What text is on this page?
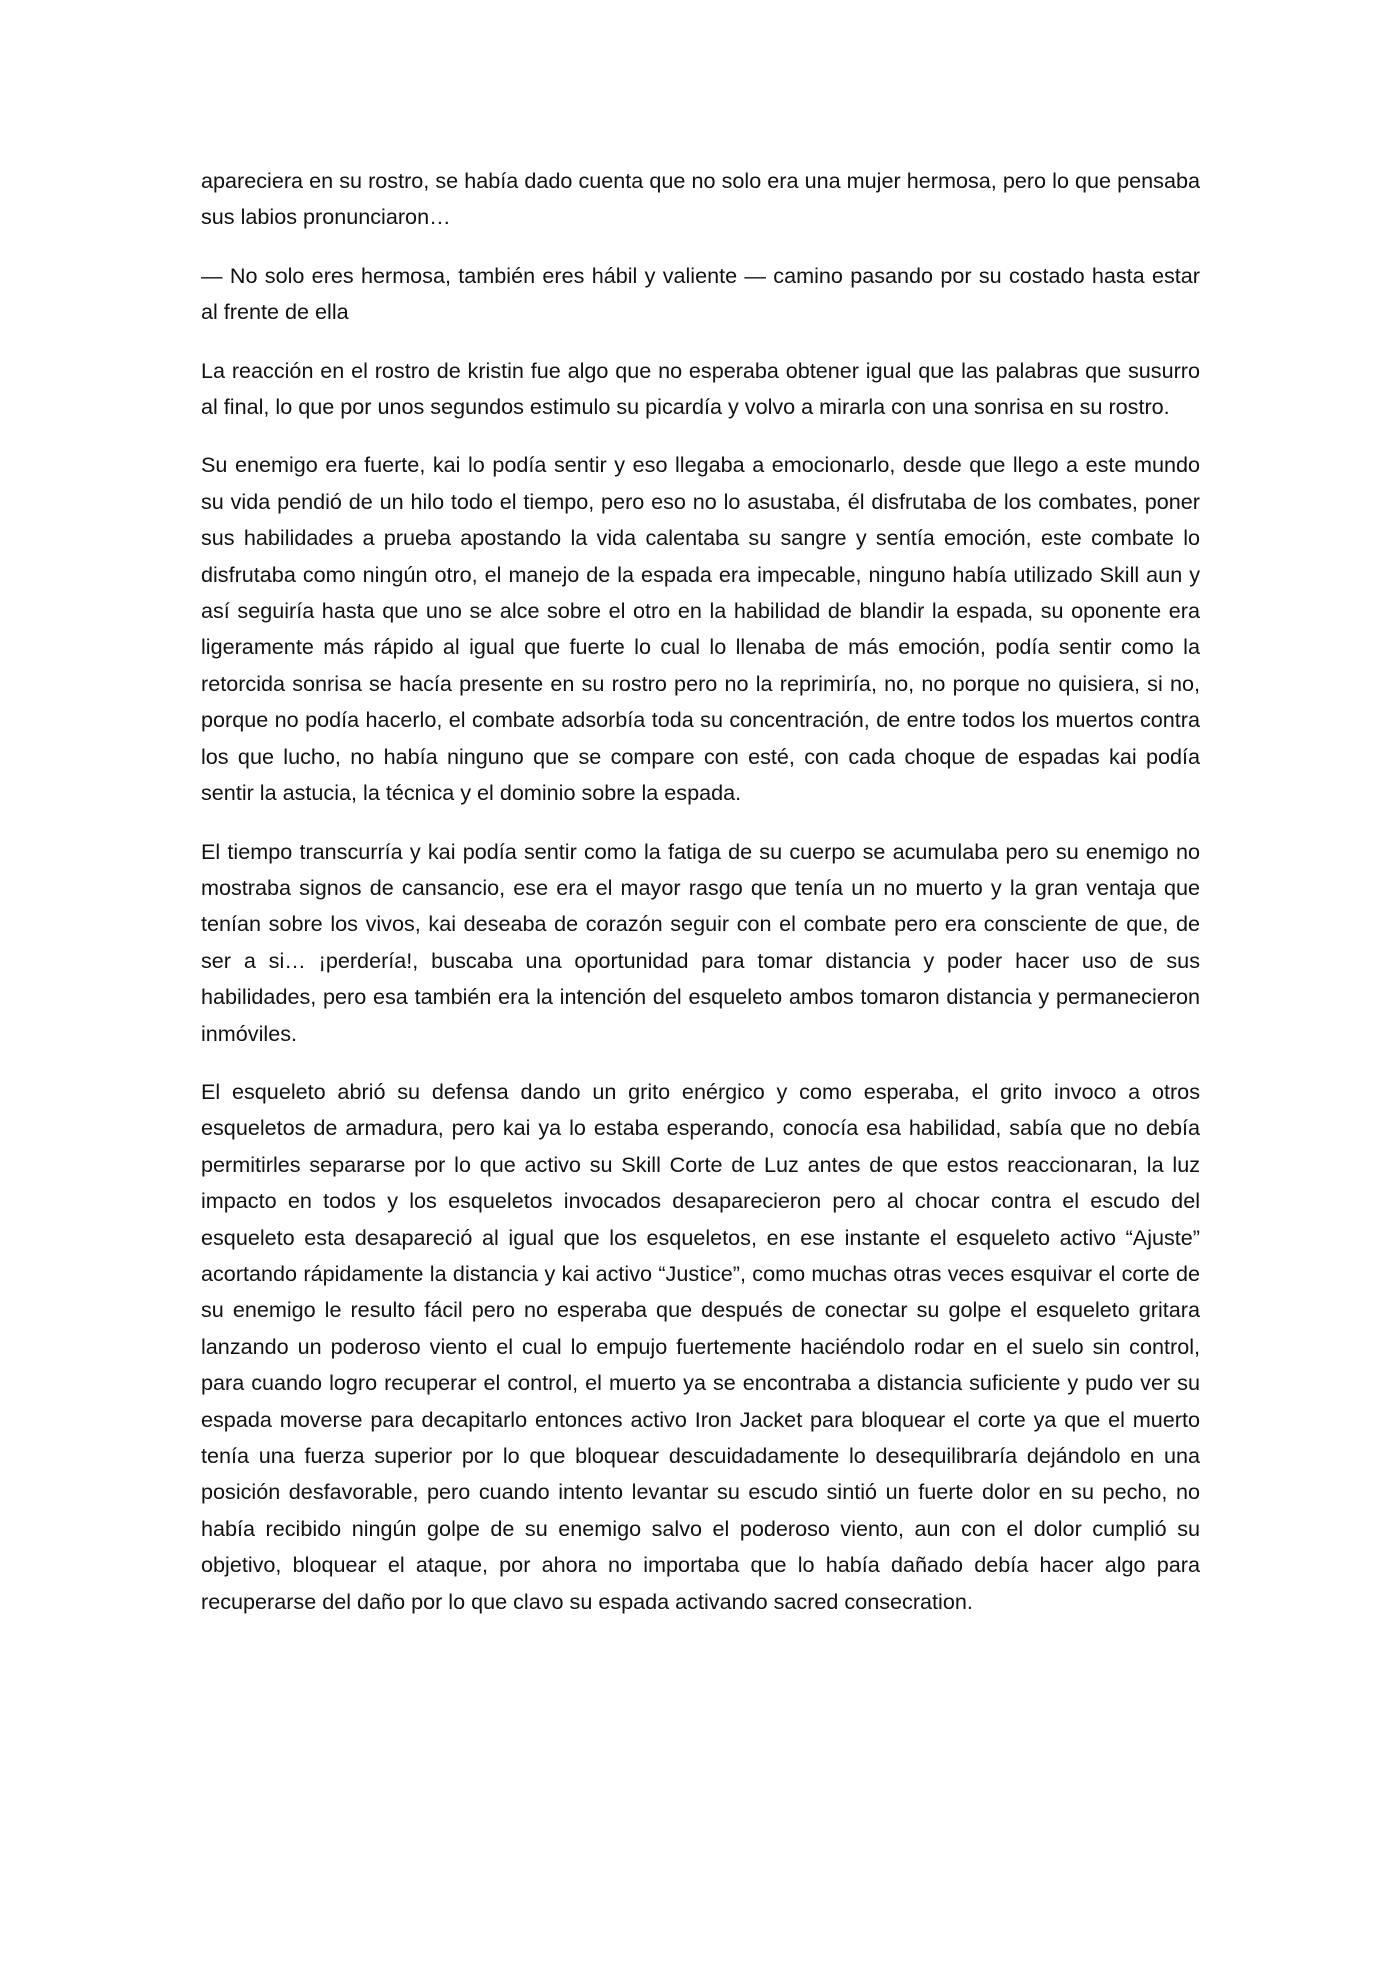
apareciera en su rostro, se había dado cuenta que no solo era una mujer hermosa, pero lo que pensaba sus labios pronunciaron…

— No solo eres hermosa, también eres hábil y valiente — camino pasando por su costado hasta estar al frente de ella

La reacción en el rostro de kristin fue algo que no esperaba obtener igual que las palabras que susurro al final, lo que por unos segundos estimulo su picardía y volvo a mirarla con una sonrisa en su rostro.

Su enemigo era fuerte, kai lo podía sentir y eso llegaba a emocionarlo, desde que llego a este mundo su vida pendió de un hilo todo el tiempo, pero eso no lo asustaba, él disfrutaba de los combates, poner sus habilidades a prueba apostando la vida calentaba su sangre y sentía emoción, este combate lo disfrutaba como ningún otro, el manejo de la espada era impecable, ninguno había utilizado Skill aun y así seguiría hasta que uno se alce sobre el otro en la habilidad de blandir la espada, su oponente era ligeramente más rápido al igual que fuerte lo cual lo llenaba de más emoción, podía sentir como la retorcida sonrisa se hacía presente en su rostro pero no la reprimiría, no, no porque no quisiera, si no, porque no podía hacerlo, el combate adsorbía toda su concentración, de entre todos los muertos contra los que lucho, no había ninguno que se compare con esté, con cada choque de espadas kai podía sentir la astucia, la técnica y el dominio sobre la espada.

El tiempo transcurría y kai podía sentir como la fatiga de su cuerpo se acumulaba pero su enemigo no mostraba signos de cansancio, ese era el mayor rasgo que tenía un no muerto y la gran ventaja que tenían sobre los vivos, kai deseaba de corazón seguir con el combate pero era consciente de que, de ser a si… ¡perdería!, buscaba una oportunidad para tomar distancia y poder hacer uso de sus habilidades, pero esa también era la intención del esqueleto ambos tomaron distancia y permanecieron inmóviles.

El esqueleto abrió su defensa dando un grito enérgico y como esperaba, el grito invoco a otros esqueletos de armadura, pero kai ya lo estaba esperando, conocía esa habilidad, sabía que no debía permitirles separarse por lo que activo su Skill Corte de Luz antes de que estos reaccionaran, la luz impacto en todos y los esqueletos invocados desaparecieron pero al chocar contra el escudo del esqueleto esta desapareció al igual que los esqueletos, en ese instante el esqueleto activo “Ajuste” acortando rápidamente la distancia y kai activo “Justice”, como muchas otras veces esquivar el corte de su enemigo le resulto fácil pero no esperaba que después de conectar su golpe el esqueleto gritara lanzando un poderoso viento el cual lo empujo fuertemente haciéndolo rodar en el suelo sin control, para cuando logro recuperar el control, el muerto ya se encontraba a distancia suficiente y pudo ver su espada moverse para decapitarlo entonces activo Iron Jacket para bloquear el corte ya que el muerto tenía una fuerza superior por lo que bloquear descuidadamente lo desequilibraría dejándolo en una posición desfavorable, pero cuando intento levantar su escudo sintió un fuerte dolor en su pecho, no había recibido ningún golpe de su enemigo salvo el poderoso viento, aun con el dolor cumplió su objetivo, bloquear el ataque, por ahora no importaba que lo había dañado debía hacer algo para recuperarse del daño por lo que clavo su espada activando sacred consecration.
